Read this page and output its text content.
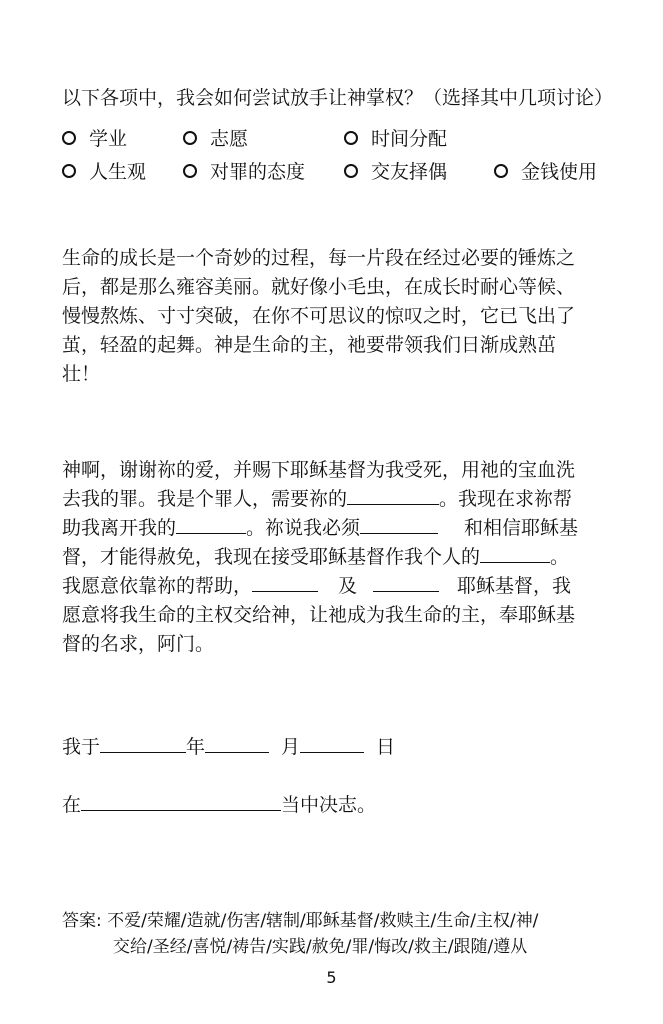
以下各项中，我会如何尝试放手让神掌权？（选择其中几项讨论）
学业	志愿	时间分配
人生观	对罪的态度	交友择偶	金钱使用

生命的成长是一个奇妙的过程，每一片段在经过必要的锤炼之

后，都是那么雍容美丽。就好像小毛虫，在成长时耐心等候、

慢慢熬炼、寸寸突破，在你不可思议的惊叹之时，它已飞出了

茧，轻盈的起舞。神是生命的主，祂要带领我们日渐成熟茁

壮！

神啊，谢谢祢的爱，并赐下耶稣基督为我受死，用祂的宝血洗

去我的罪。我是个罪人，需要祢的	。我现在求祢帮

助我离开我的	。祢说我必须	和相信耶稣基

督，才能得赦免，我现在接受耶稣基督作我个人的	。

我愿意依靠祢的帮助，	及	耶稣基督，我

愿意将我生命的主权交给神，让祂成为我生命的主，奉耶稣基

督的名求，阿门。

我于	年	月	日
在	当中决志。
答案: 不爱/荣耀/造就/伤害/辖制/耶稣基督/救赎主/生命/主权/神/
交给/圣经/喜悦/祷告/实践/赦免/罪/悔改/救主/跟随/遵从
5
